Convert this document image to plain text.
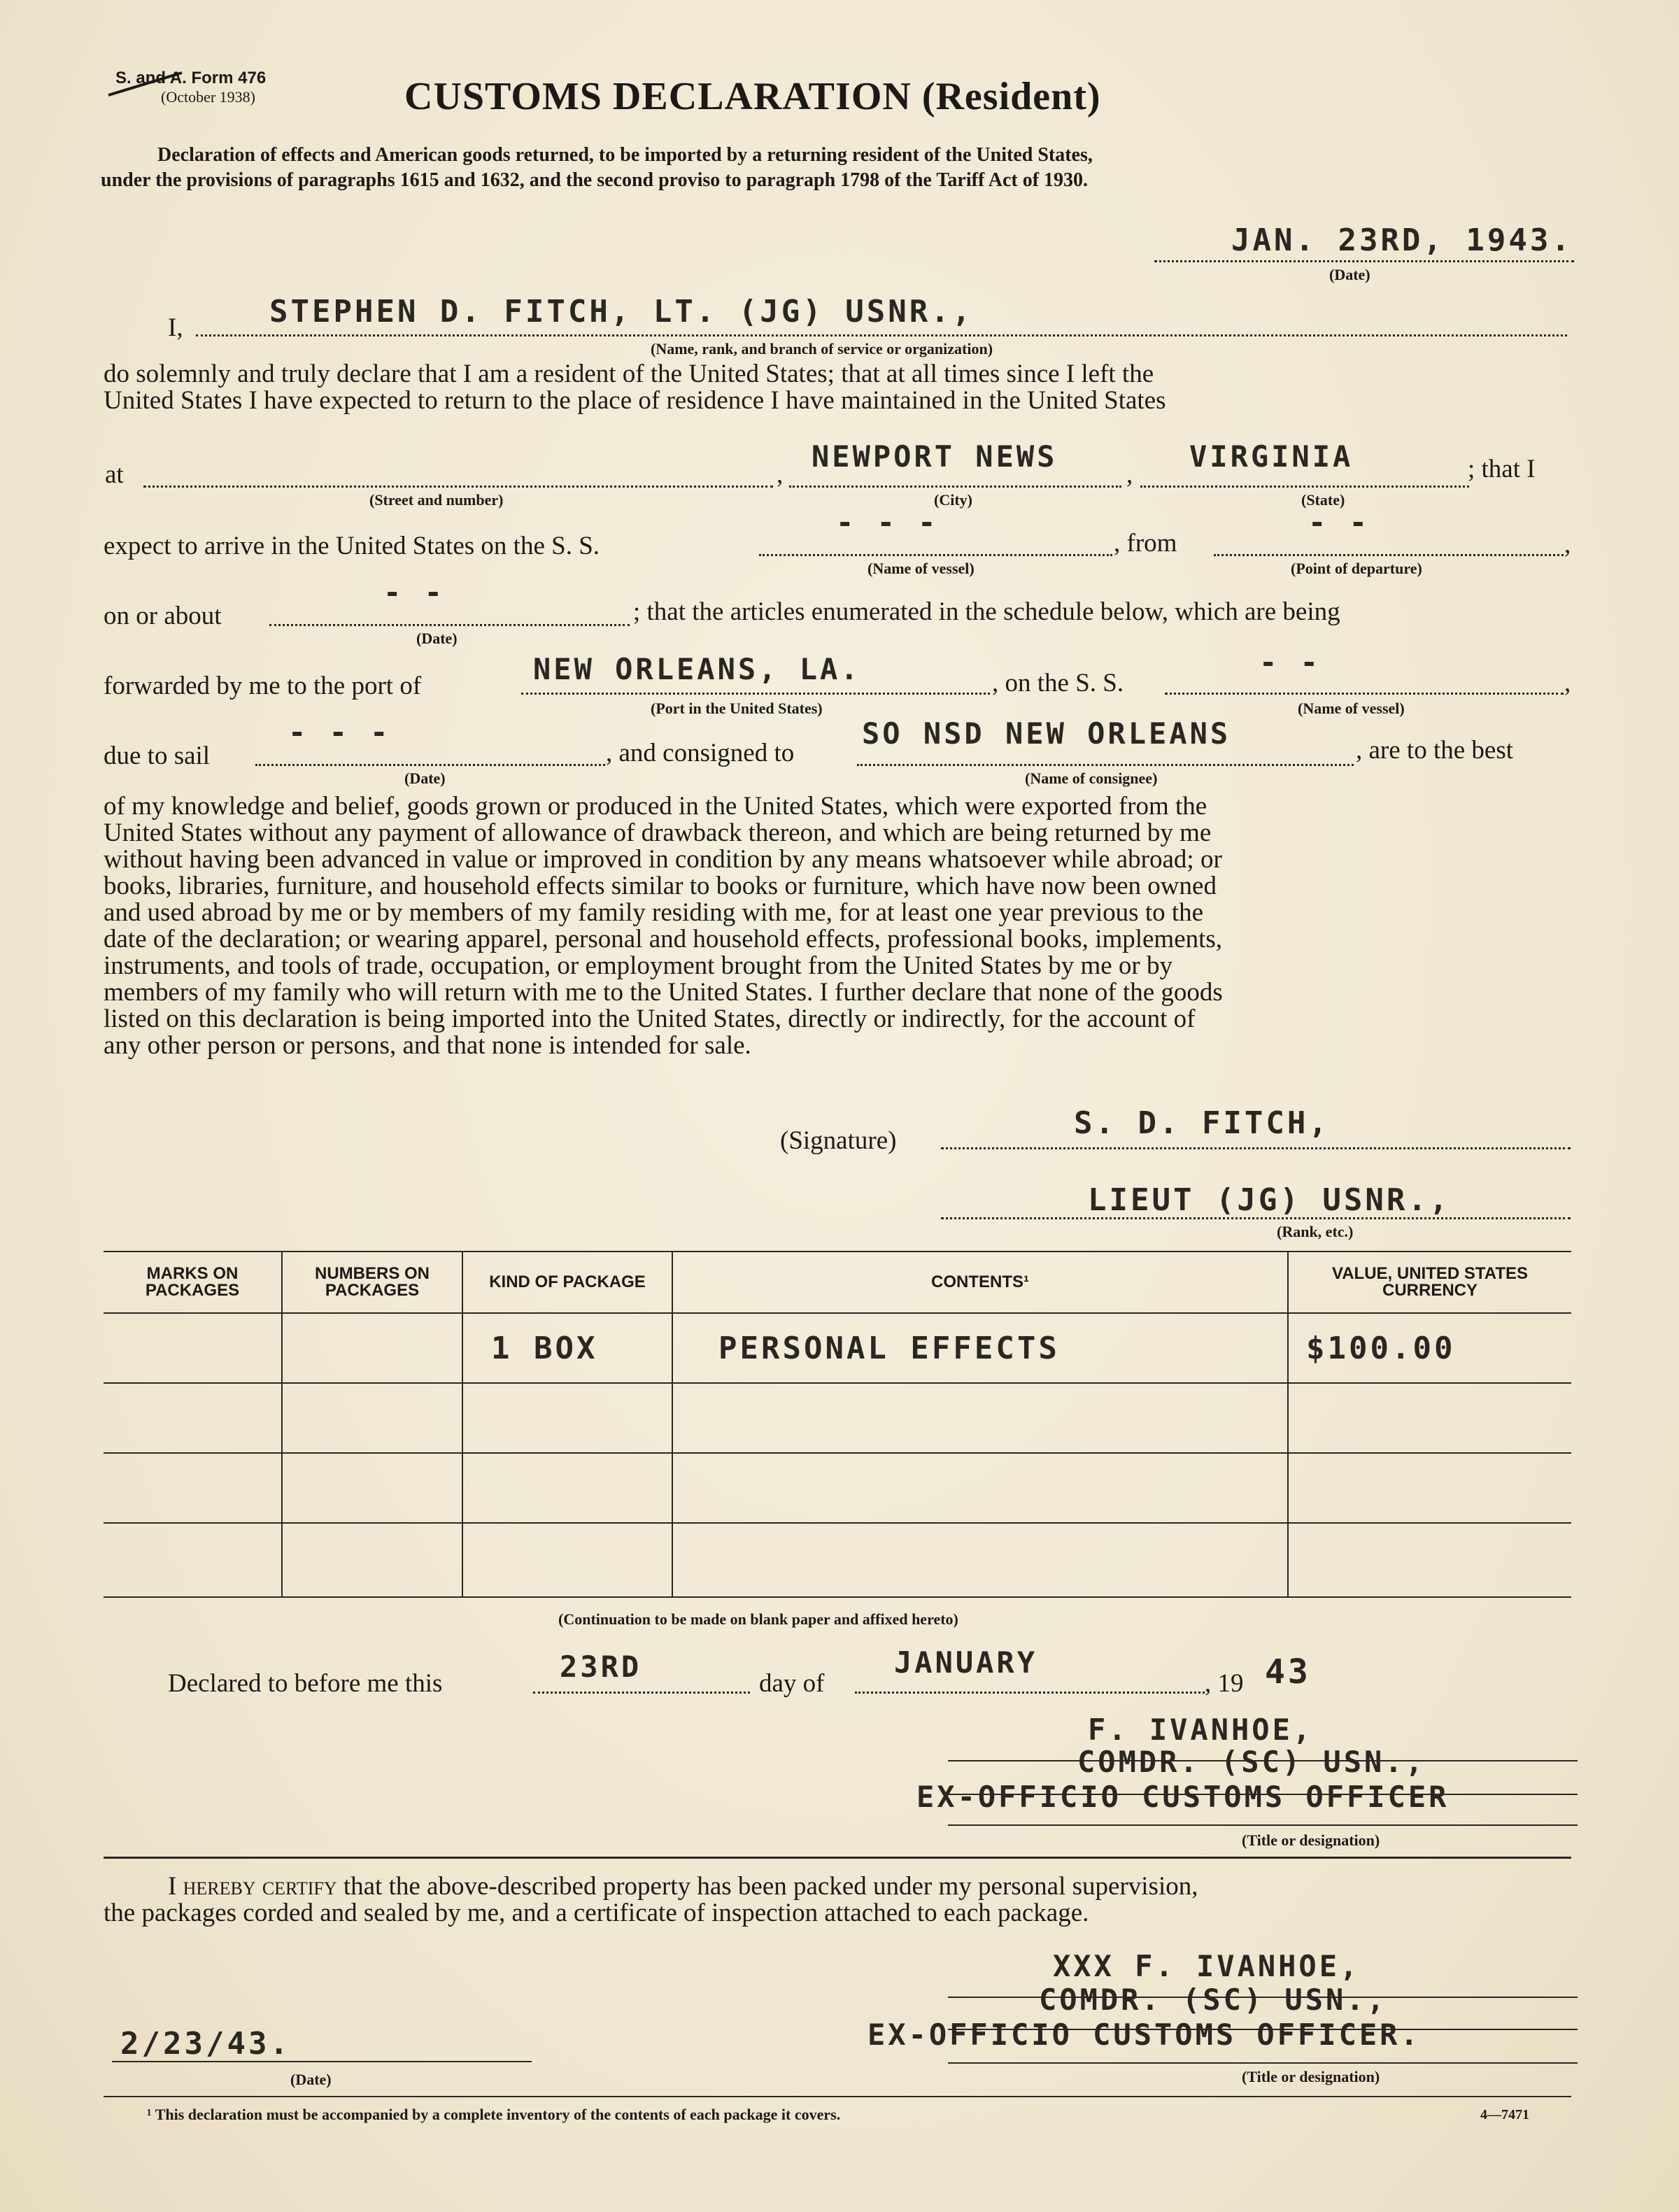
S. and A. Form 476
(October 1938)	CUSTOMS DECLARATION (Resident)
Declaration of effects and American goods returned, to be imported by a returning resident of the United States,
under the provisions of paragraphs 1615 and 1632, and the second proviso to paragraph 1798 of the Tariff Act of 1930.
JAN. 23RD, 1943.
(Date)
I,	STEPHEN D. FITCH, LT. (JG) USNR.,
(Name, rank, and branch of service or organization)
do solemnly and truly declare that I am a resident of the United States; that at all times since I left the
United States I have expected to return to the place of residence I have maintained in the United States
at
(Street and number)
,
NEWPORT NEWS
(City)
,
VIRGINIA
(State)
; that I
expect to arrive in the United States on the S. S.
- - -
(Name of vessel)
, from
- -
,
(Point of departure)
on or about
- -
(Date)
; that the articles enumerated in the schedule below, which are being
forwarded by me to the port of	NEW ORLEANS, LA.
(Port in the United States)
, on the S. S.
- -
,
(Name of vessel)
due to sail
- - -
(Date)
, and consigned to
SO NSD NEW ORLEANS
(Name of consignee)
, are to the best
of my knowledge and belief, goods grown or produced in the United States, which were exported from the
United States without any payment of allowance of drawback thereon, and which are being returned by me
without having been advanced in value or improved in condition by any means whatsoever while abroad; or
books, libraries, furniture, and household effects similar to books or furniture, which have now been owned
and used abroad by me or by members of my family residing with me, for at least one year previous to the
date of the declaration; or wearing apparel, personal and household effects, professional books, implements,
instruments, and tools of trade, occupation, or employment brought from the United States by me or by
members of my family who will return with me to the United States. I further declare that none of the goods
listed on this declaration is being imported into the United States, directly or indirectly, for the account of
any other person or persons, and that none is intended for sale.
(Signature)	S. D. FITCH,
LIEUT (JG) USNR.,
(Rank, etc.)
MARKS ON PACKAGES	NUMBERS ON PACKAGES	KIND OF PACKAGE	CONTENTS¹	VALUE, UNITED STATES CURRENCY
		1 BOX	PERSONAL EFFECTS	$100.00

(Continuation to be made on blank paper and affixed hereto)
Declared to before me this	23RD	day of
JANUARY
, 19 43
F. IVANHOE,
COMDR. (SC) USN.,
EX-OFFICIO CUSTOMS OFFICER
(Title or designation)
I hereby certify that the above-described property has been packed under my personal supervision,
the packages corded and sealed by me, and a certificate of inspection attached to each package.
XXX F. IVANHOE,
COMDR. (SC) USN.,
EX-OFFICIO CUSTOMS OFFICER.
(Title or designation)
2/23/43.
(Date)
¹ This declaration must be accompanied by a complete inventory of the contents of each package it covers.	4—7471
